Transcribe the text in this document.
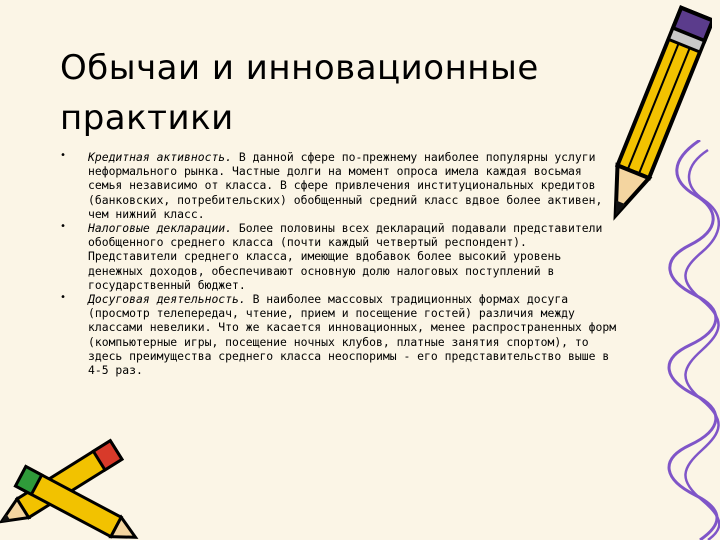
Обычаи и инновационные практики
• Кредитная активность. В данной сфере по-прежнему наиболее популярны услуги неформального рынка. Частные долги на момент опроса имела каждая восьмая семья независимо от класса. В сфере привлечения институциональных кредитов (банковских, потребительских) обобщенный средний класс вдвое более активен, чем нижний класс.
• Налоговые декларации. Более половины всех деклараций подавали представители обобщенного среднего класса (почти каждый четвертый респондент). Представители среднего класса, имеющие вдобавок более высокий уровень денежных доходов, обеспечивают основную долю налоговых поступлений в государственный бюджет.
• Досуговая деятельность. В наиболее массовых традиционных формах досуга (просмотр телепередач, чтение, прием и посещение гостей) различия между классами невелики. Что же касается инновационных, менее распространенных форм (компьютерные игры, посещение ночных клубов, платные занятия спортом), то здесь преимущества среднего класса неоспоримы - его представительство выше в 4-5 раз.
